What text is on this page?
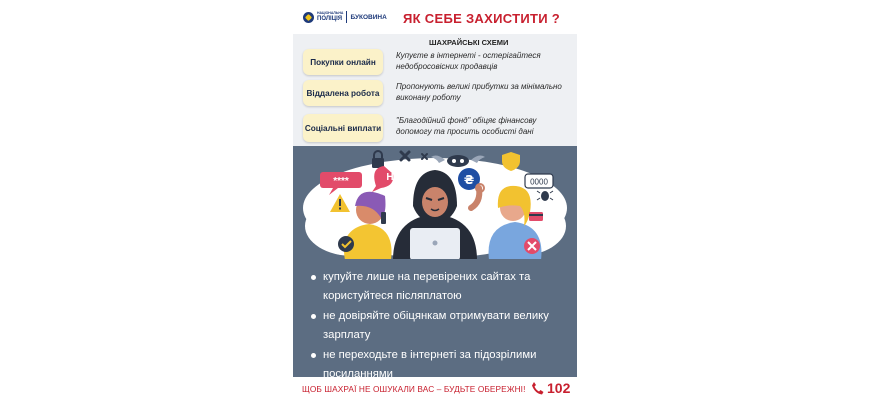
НАЦІОНАЛЬНА
ПОЛІЦІЯ БУКОВИНА ЯК СЕБЕ ЗАХИСТИТИ ?
ШАХРАЙСЬКІ СХЕМИ
Покупки онлайн
Купуєте в інтернеті - остерігайтеся недобросовісних продавців
Віддалена робота
Пропонують великі прибутки за мінімально виконану роботу
Соціальні виплати
"Благодійний фонд" обіцяє фінансову допомогу та просить особисті дані
****	Hi!	0000
₴
купуйте лише на перевірених сайтах та користуйтеся післяплатою
не довіряйте обіцянкам отримувати велику зарплату
не переходьте в інтернеті за підозрілими посиланнями
ЩОБ ШАХРАЇ НЕ ОШУКАЛИ ВАС – БУДЬТЕ ОБЕРЕЖНІ! 102
